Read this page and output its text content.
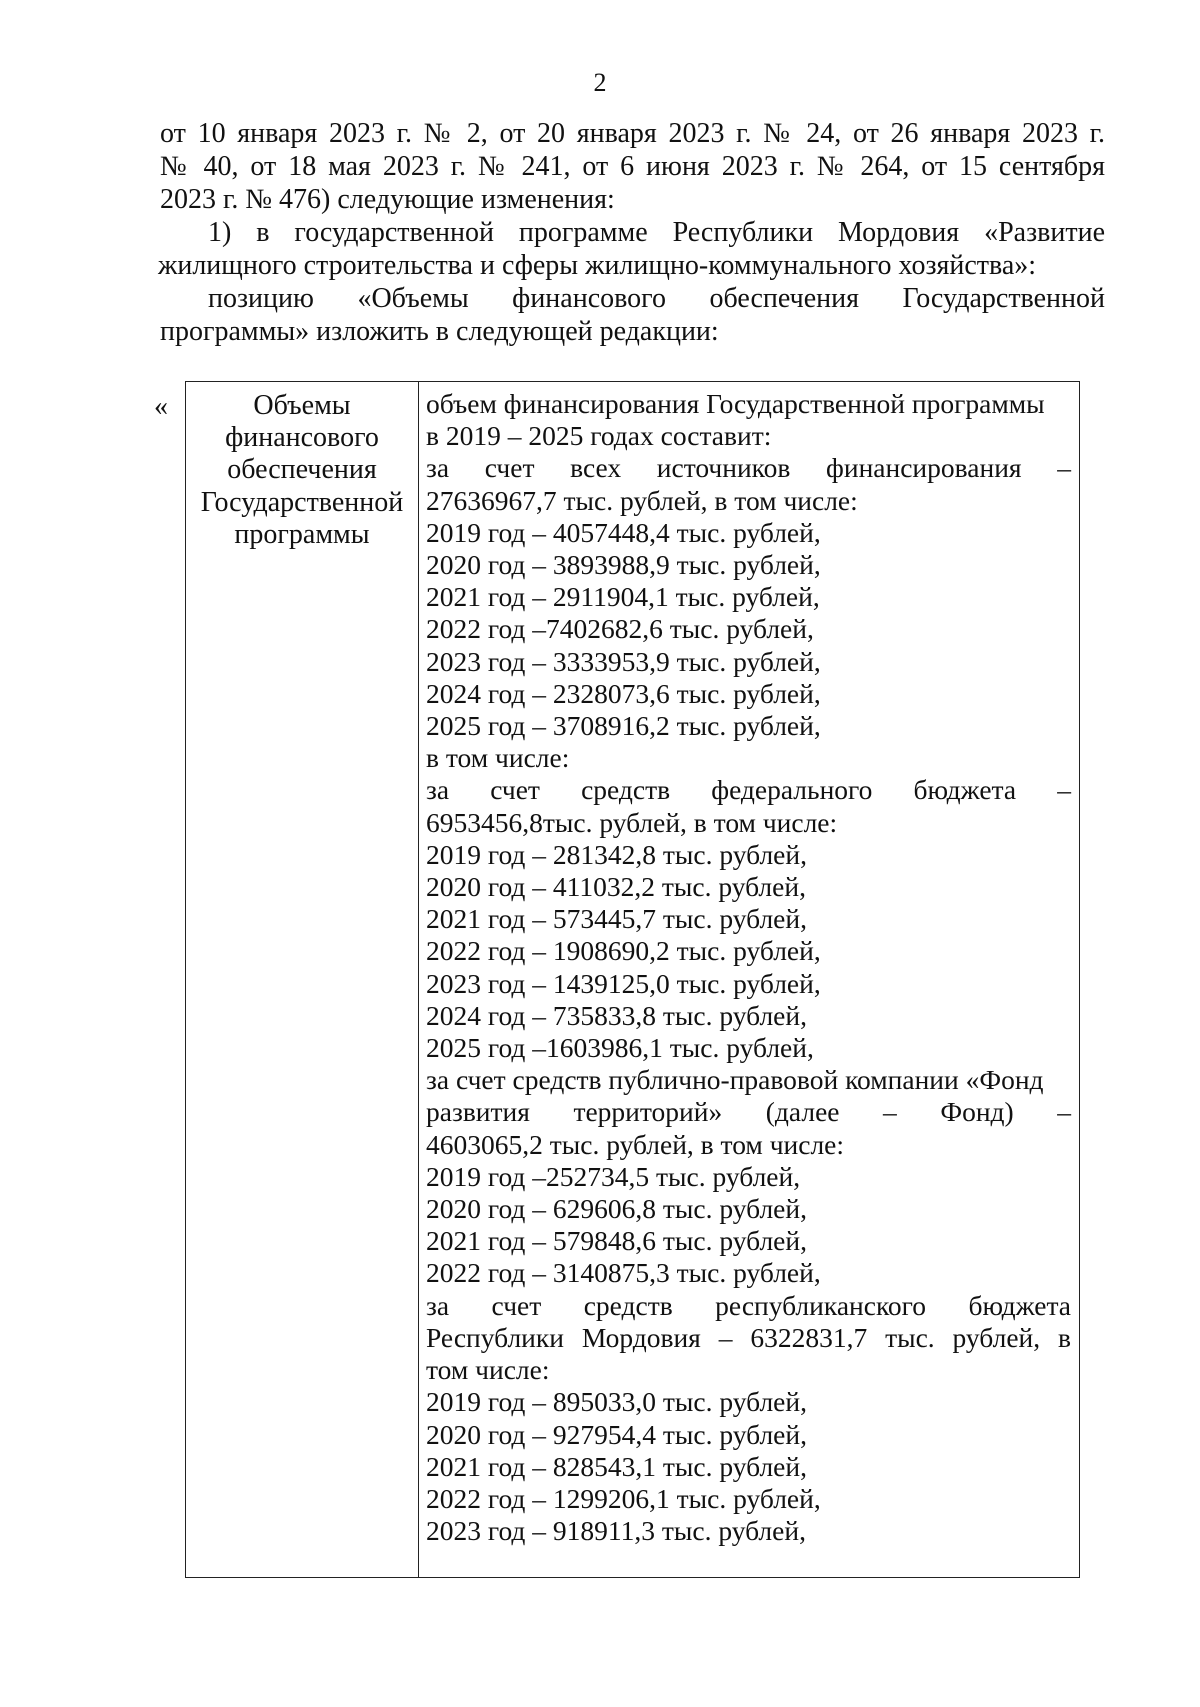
2
от 10 января 2023 г. № 2, от 20 января 2023 г. № 24, от 26 января 2023 г.
№ 40, от 18 мая 2023 г. № 241, от 6 июня 2023 г. № 264, от 15 сентября
2023 г. № 476) следующие изменения:
1) в государственной программе Республики Мордовия «Развитие
жилищного строительства и сферы жилищно-коммунального хозяйства»:
позицию «Объемы финансового обеспечения Государственной
программы» изложить в следующей редакции:
«	Объемы
финансового
обеспечения
Государственной
программы
объем финансирования Государственной программы
в 2019 – 2025 годах составит:
за счет всех источников финансирования –
27636967,7 тыс. рублей, в том числе:
2019 год – 4057448,4 тыс. рублей,
2020 год – 3893988,9 тыс. рублей,
2021 год – 2911904,1 тыс. рублей,
2022 год –7402682,6 тыс. рублей,
2023 год – 3333953,9 тыс. рублей,
2024 год – 2328073,6 тыс. рублей,
2025 год – 3708916,2 тыс. рублей,
в том числе:
за счет средств федерального бюджета –
6953456,8тыс. рублей, в том числе:
2019 год – 281342,8 тыс. рублей,
2020 год – 411032,2 тыс. рублей,
2021 год – 573445,7 тыс. рублей,
2022 год – 1908690,2 тыс. рублей,
2023 год – 1439125,0 тыс. рублей,
2024 год – 735833,8 тыс. рублей,
2025 год –1603986,1 тыс. рублей,
за счет средств публично-правовой компании «Фонд
развития территорий» (далее – Фонд) –
4603065,2 тыс. рублей, в том числе:
2019 год –252734,5 тыс. рублей,
2020 год – 629606,8 тыс. рублей,
2021 год – 579848,6 тыс. рублей,
2022 год – 3140875,3 тыс. рублей,
за счет средств республиканского бюджета
Республики Мордовия – 6322831,7 тыс. рублей, в
том числе:
2019 год – 895033,0 тыс. рублей,
2020 год – 927954,4 тыс. рублей,
2021 год – 828543,1 тыс. рублей,
2022 год – 1299206,1 тыс. рублей,
2023 год – 918911,3 тыс. рублей,
